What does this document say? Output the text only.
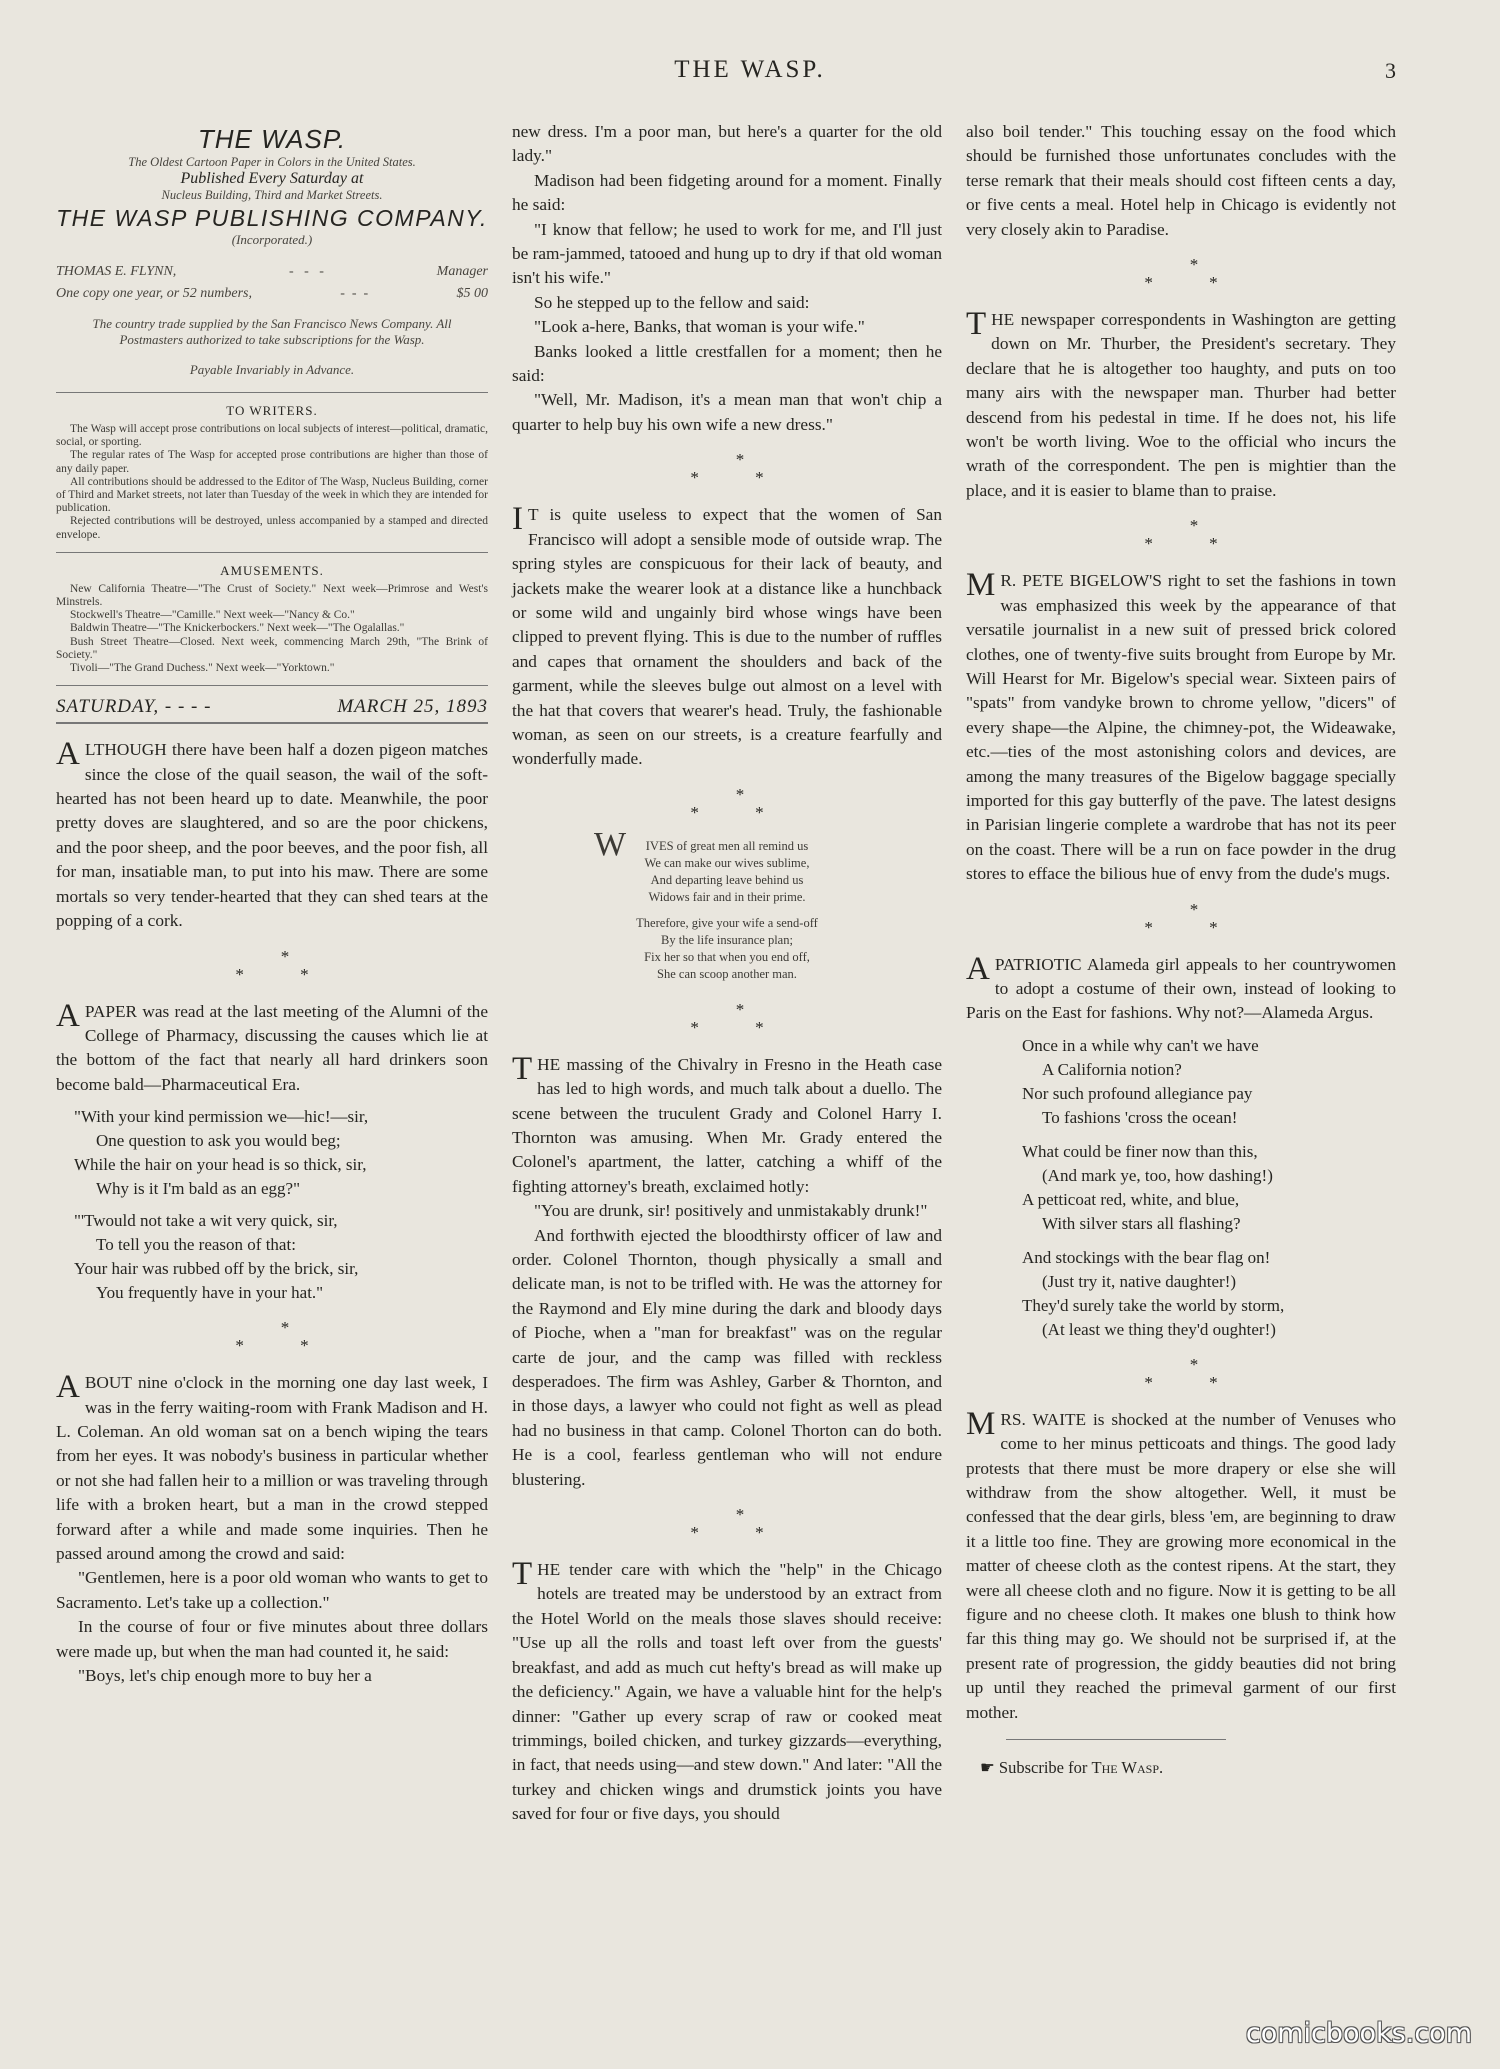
THE WASP.	3
THE WASP.
The Oldest Cartoon Paper in Colors in the United States.
Published Every Saturday at
Nucleus Building, Third and Market Streets.
THE WASP PUBLISHING COMPANY.
(Incorporated.)
THOMAS E. FLYNN,	-   -   -	Manager
One copy one year, or 52 numbers,	-  -  -	$5 00
The country trade supplied by the San Francisco News Company. All Postmasters authorized to take subscriptions for the Wasp.
Payable Invariably in Advance.
TO WRITERS.
The Wasp will accept prose contributions on local subjects of interest—political, dramatic, social, or sporting.
The regular rates of The Wasp for accepted prose contributions are higher than those of any daily paper.
All contributions should be addressed to the Editor of The Wasp, Nucleus Building, corner of Third and Market streets, not later than Tuesday of the week in which they are intended for publication.
Rejected contributions will be destroyed, unless accompanied by a stamped and directed envelope.
AMUSEMENTS.
New California Theatre—"The Crust of Society." Next week—Primrose and West's Minstrels.
Stockwell's Theatre—"Camille." Next week—"Nancy & Co."
Baldwin Theatre—"The Knickerbockers." Next week—"The Ogalallas."
Bush Street Theatre—Closed. Next week, commencing March 29th, "The Brink of Society."
Tivoli—"The Grand Duchess." Next week—"Yorktown."
SATURDAY, - - - -	MARCH 25, 1893

ALTHOUGH there have been half a dozen pigeon matches since the close of the quail season, the wail of the soft-hearted has not been heard up to date. Meanwhile, the poor pretty doves are slaughtered, and so are the poor chickens, and the poor sheep, and the poor beeves, and the poor fish, all for man, insatiable man, to put into his maw. There are some mortals so very tender-hearted that they can shed tears at the popping of a cork.

*
* *

A PAPER was read at the last meeting of the Alumni of the College of Pharmacy, discussing the causes which lie at the bottom of the fact that nearly all hard drinkers soon become bald—Pharmaceutical Era.

"With your kind permission we—hic!—sir,
One question to ask you would beg;
While the hair on your head is so thick, sir,
Why is it I'm bald as an egg?"
"'Twould not take a wit very quick, sir,
To tell you the reason of that:
Your hair was rubbed off by the brick, sir,
You frequently have in your hat."
*
* *

ABOUT nine o'clock in the morning one day last week, I was in the ferry waiting-room with Frank Madison and H. L. Coleman. An old woman sat on a bench wiping the tears from her eyes. It was nobody's business in particular whether or not she had fallen heir to a million or was traveling through life with a broken heart, but a man in the crowd stepped forward after a while and made some inquiries. Then he passed around among the crowd and said:

"Gentlemen, here is a poor old woman who wants to get to Sacramento. Let's take up a collection."

In the course of four or five minutes about three dollars were made up, but when the man had counted it, he said:

"Boys, let's chip enough more to buy her a

new dress. I'm a poor man, but here's a quarter for the old lady."

Madison had been fidgeting around for a moment. Finally he said:

"I know that fellow; he used to work for me, and I'll just be ram-jammed, tatooed and hung up to dry if that old woman isn't his wife."

So he stepped up to the fellow and said:

"Look a-here, Banks, that woman is your wife."

Banks looked a little crestfallen for a moment; then he said:

"Well, Mr. Madison, it's a mean man that won't chip a quarter to help buy his own wife a new dress."

*
* *

I T is quite useless to expect that the women of San Francisco will adopt a sensible mode of outside wrap. The spring styles are conspicuous for their lack of beauty, and jackets make the wearer look at a distance like a hunchback or some wild and ungainly bird whose wings have been clipped to prevent flying. This is due to the number of ruffles and capes that ornament the shoulders and back of the garment, while the sleeves bulge out almost on a level with the hat that covers that wearer's head. Truly, the fashionable woman, as seen on our streets, is a creature fearfully and wonderfully made.

*
* *
W	IVES of great men all remind us
We can make our wives sublime,
And departing leave behind us
Widows fair and in their prime.
Therefore, give your wife a send-off
By the life insurance plan;
Fix her so that when you end off,
She can scoop another man.
*
* *

THE massing of the Chivalry in Fresno in the Heath case has led to high words, and much talk about a duello. The scene between the truculent Grady and Colonel Harry I. Thornton was amusing. When Mr. Grady entered the Colonel's apartment, the latter, catching a whiff of the fighting attorney's breath, exclaimed hotly:

"You are drunk, sir! positively and unmistakably drunk!"

And forthwith ejected the bloodthirsty officer of law and order. Colonel Thornton, though physically a small and delicate man, is not to be trifled with. He was the attorney for the Raymond and Ely mine during the dark and bloody days of Pioche, when a "man for breakfast" was on the regular carte de jour, and the camp was filled with reckless desperadoes. The firm was Ashley, Garber & Thornton, and in those days, a lawyer who could not fight as well as plead had no business in that camp. Colonel Thorton can do both. He is a cool, fearless gentleman who will not endure blustering.

*
* *

THE tender care with which the "help" in the Chicago hotels are treated may be understood by an extract from the Hotel World on the meals those slaves should receive: "Use up all the rolls and toast left over from the guests' breakfast, and add as much cut hefty's bread as will make up the deficiency." Again, we have a valuable hint for the help's dinner: "Gather up every scrap of raw or cooked meat trimmings, boiled chicken, and turkey gizzards—everything, in fact, that needs using—and stew down." And later: "All the turkey and chicken wings and drumstick joints you have saved for four or five days, you should

also boil tender." This touching essay on the food which should be furnished those unfortunates concludes with the terse remark that their meals should cost fifteen cents a day, or five cents a meal. Hotel help in Chicago is evidently not very closely akin to Paradise.

*
* *

THE newspaper correspondents in Washington are getting down on Mr. Thurber, the President's secretary. They declare that he is altogether too haughty, and puts on too many airs with the newspaper man. Thurber had better descend from his pedestal in time. If he does not, his life won't be worth living. Woe to the official who incurs the wrath of the correspondent. The pen is mightier than the place, and it is easier to blame than to praise.

*
* *

M R. PETE BIGELOW'S right to set the fashions in town was emphasized this week by the appearance of that versatile journalist in a new suit of pressed brick colored clothes, one of twenty-five suits brought from Europe by Mr. Will Hearst for Mr. Bigelow's special wear. Sixteen pairs of "spats" from vandyke brown to chrome yellow, "dicers" of every shape—the Alpine, the chimney-pot, the Wideawake, etc.—ties of the most astonishing colors and devices, are among the many treasures of the Bigelow baggage specially imported for this gay butterfly of the pave. The latest designs in Parisian lingerie complete a wardrobe that has not its peer on the coast. There will be a run on face powder in the drug stores to efface the bilious hue of envy from the dude's mugs.

*
* *

A PATRIOTIC Alameda girl appeals to her countrywomen to adopt a costume of their own, instead of looking to Paris on the East for fashions. Why not?—Alameda Argus.

Once in a while why can't we have
A California notion?
Nor such profound allegiance pay
To fashions 'cross the ocean!
What could be finer now than this,
(And mark ye, too, how dashing!)
A petticoat red, white, and blue,
With silver stars all flashing?
And stockings with the bear flag on!
(Just try it, native daughter!)
They'd surely take the world by storm,
(At least we thing they'd oughter!)
*
* *

MRS. WAITE is shocked at the number of Venuses who come to her minus petticoats and things. The good lady protests that there must be more drapery or else she will withdraw from the show altogether. Well, it must be confessed that the dear girls, bless 'em, are beginning to draw it a little too fine. They are growing more economical in the matter of cheese cloth as the contest ripens. At the start, they were all cheese cloth and no figure. Now it is getting to be all figure and no cheese cloth. It makes one blush to think how far this thing may go. We should not be surprised if, at the present rate of progression, the giddy beauties did not bring up until they reached the primeval garment of our first mother.

☛ Subscribe for The Wasp.
comicbooks.com
